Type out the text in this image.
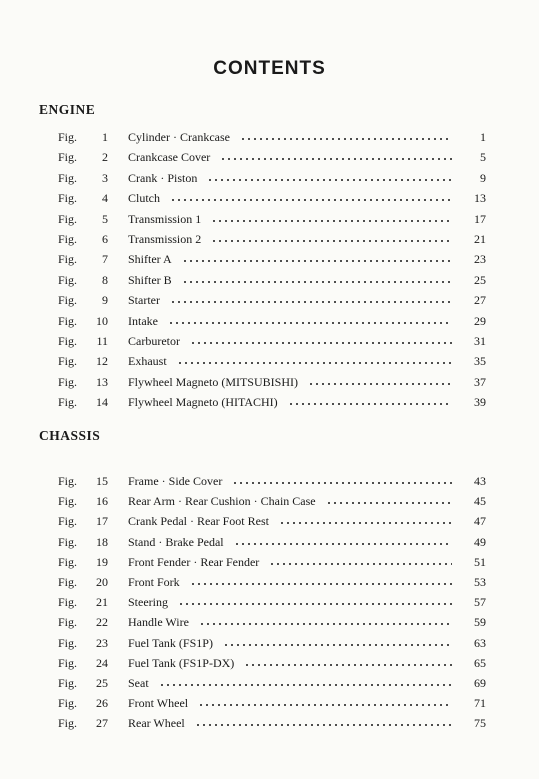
CONTENTS
ENGINE
CHASSIS
Fig.	1 Cylinder · Crankcase	1
Fig.	2 Crankcase Cover	5
Fig.	3 Crank · Piston	9
Fig.	4 Clutch	13
Fig.	5 Transmission 1	17
Fig.	6 Transmission 2	21
Fig.	7 Shifter A	23
Fig.	8 Shifter B	25
Fig.	9 Starter	27
Fig.	10 Intake	29
Fig.	11 Carburetor	31
Fig.	12 Exhaust	35
Fig.	13 Flywheel Magneto (MITSUBISHI)	37
Fig.	14 Flywheel Magneto (HITACHI)	39
Fig.	15 Frame · Side Cover	43
Fig.	16 Rear Arm · Rear Cushion · Chain Case	45
Fig.	17 Crank Pedal · Rear Foot Rest	47
Fig.	18 Stand · Brake Pedal	49
Fig.	19 Front Fender · Rear Fender	51
Fig.	20 Front Fork	53
Fig.	21 Steering	57
Fig.	22 Handle Wire	59
Fig.	23 Fuel Tank (FS1P)	63
Fig.	24 Fuel Tank (FS1P-DX)	65
Fig.	25 Seat	69
Fig.	26 Front Wheel	71
Fig.	27 Rear Wheel	75
